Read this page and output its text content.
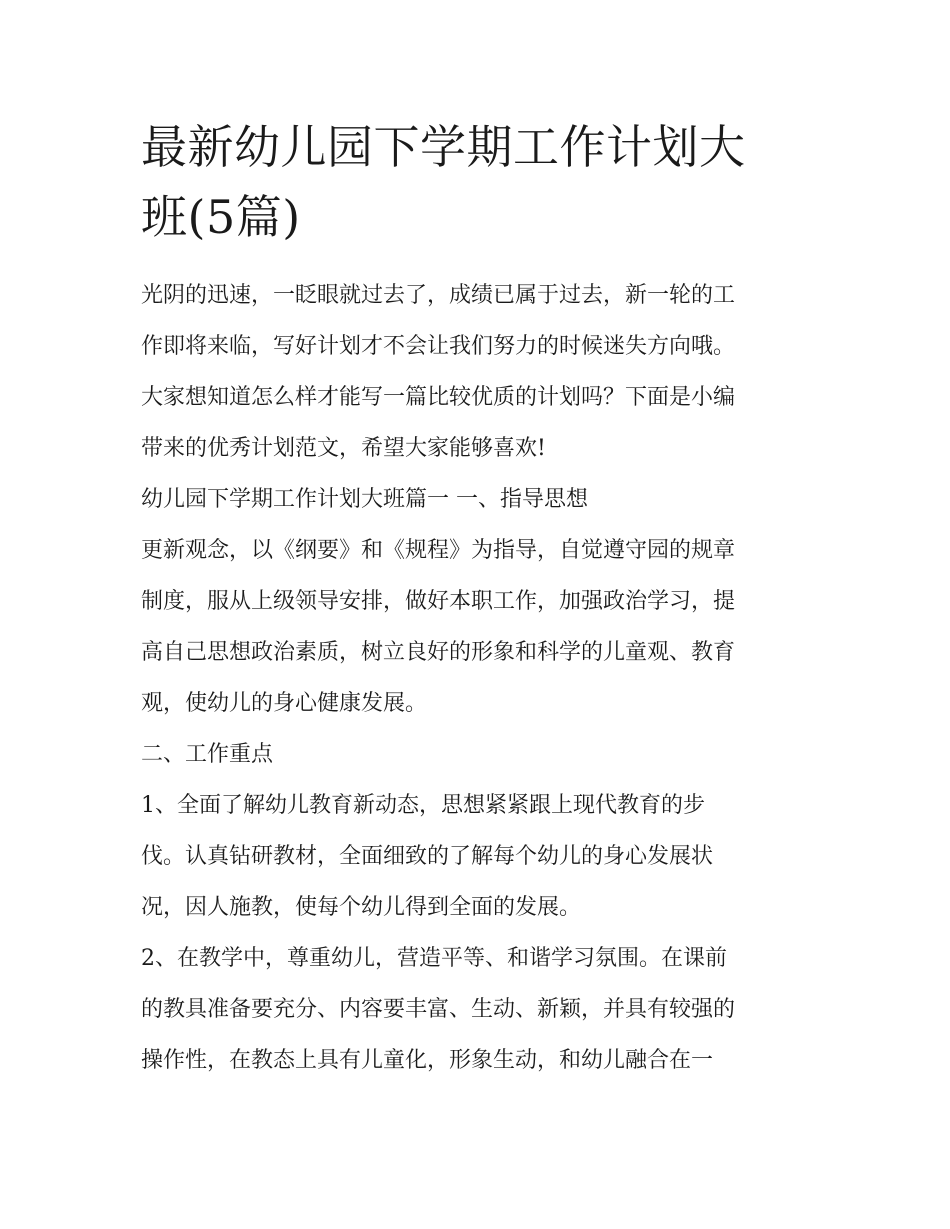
最新幼儿园下学期工作计划大
班(5篇)
光阴的迅速，一眨眼就过去了，成绩已属于过去，新一轮的工
作即将来临，写好计划才不会让我们努力的时候迷失方向哦。
大家想知道怎么样才能写一篇比较优质的计划吗？下面是小编
带来的优秀计划范文，希望大家能够喜欢!
幼儿园下学期工作计划大班篇一 一、指导思想
更新观念，以《纲要》和《规程》为指导，自觉遵守园的规章
制度，服从上级领导安排，做好本职工作，加强政治学习，提
高自己思想政治素质，树立良好的形象和科学的儿童观、教育
观，使幼儿的身心健康发展。
二、工作重点
1、全面了解幼儿教育新动态，思想紧紧跟上现代教育的步
伐。认真钻研教材，全面细致的了解每个幼儿的身心发展状
况，因人施教，使每个幼儿得到全面的发展。
2、在教学中，尊重幼儿，营造平等、和谐学习氛围。在课前
的教具准备要充分、内容要丰富、生动、新颖，并具有较强的
操作性，在教态上具有儿童化，形象生动，和幼儿融合在一
